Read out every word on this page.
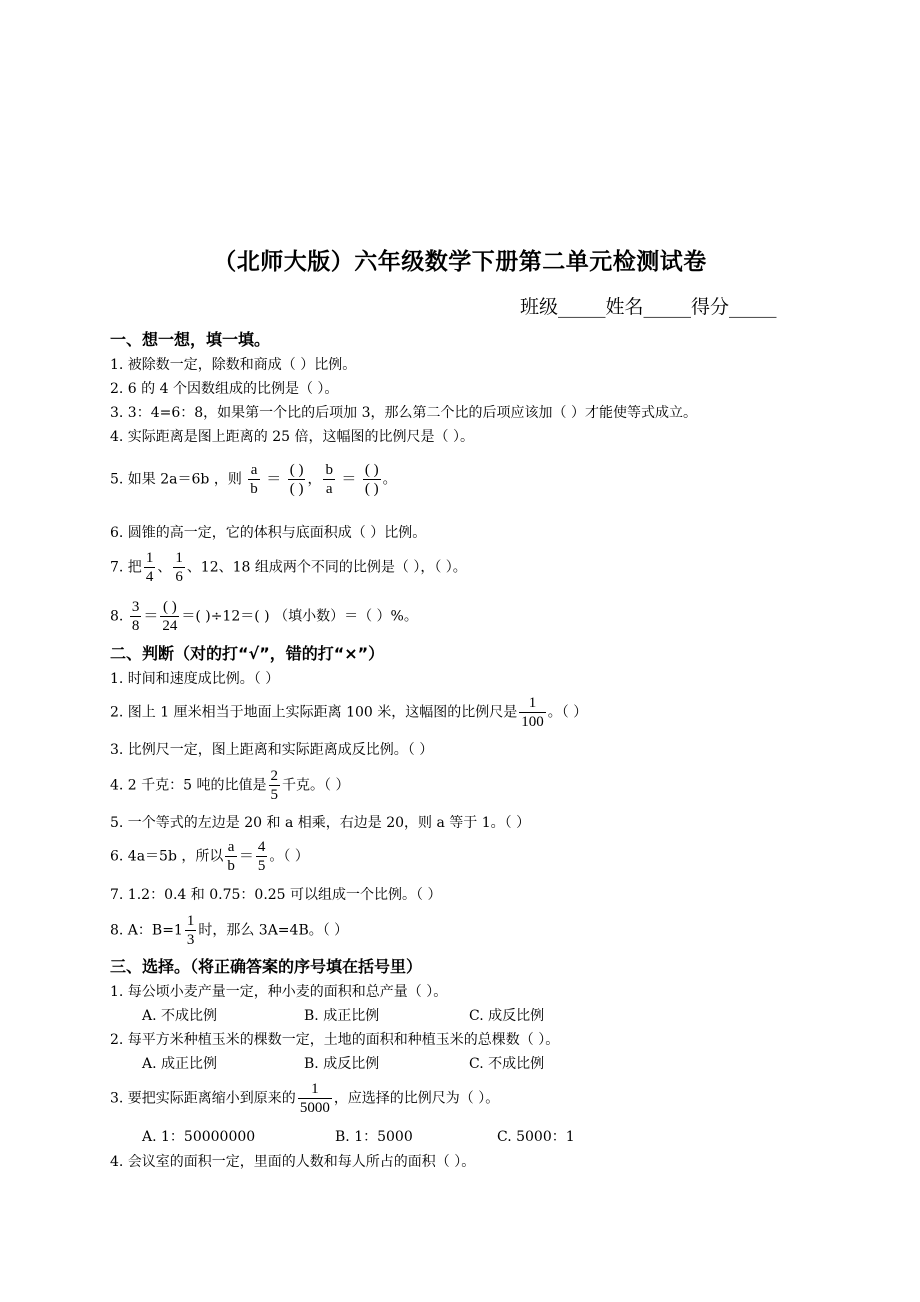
（北师大版）六年级数学下册第二单元检测试卷
班级_____姓名_____得分_____
一、想一想，填一填。
1. 被除数一定，除数和商成（ ）比例。
2. 6 的 4 个因数组成的比例是（ ）。
3. 3：4=6：8，如果第一个比的后项加 3，那么第二个比的后项应该加（ ）才能使等式成立。
4. 实际距离是图上距离的 25 倍，这幅图的比例尺是（ ）。
5. 如果 2a＝6b ，则 $\frac{a}{b} = \frac{( )}{( )}$ ， $\frac{b}{a} = \frac{( )}{( )}$ 。
6. 圆锥的高一定，它的体积与底面积成（ ）比例。
7. 把 $\frac{1}{4}$ 、 $\frac{1}{6}$ 、12、18 组成两个不同的比例是（ ），（ ）。
8. $\frac{3}{8} = \frac{( )}{24}$ ＝( )÷12＝( ) （填小数）＝（ ）%。
二、判断（对的打“√”，错的打“×”）
1. 时间和速度成比例。（ ）
2. 图上 1 厘米相当于地面上实际距离 100 米，这幅图的比例尺是 $\frac{1}{100}$ 。（ ）
3. 比例尺一定，图上距离和实际距离成反比例。（ ）
4. 2 千克：5 吨的比值是 $\frac{2}{5}$ 千克。（ ）
5. 一个等式的左边是 20 和 a 相乘，右边是 20，则 a 等于 1。（ ）
6. 4a＝5b ，所以 $\frac{a}{b} = \frac{4}{5}$ 。（ ）
7. 1.2：0.4 和 0.75：0.25 可以组成一个比例。（ ）
8. A：$B=1 \frac{1}{3}$ 时，那么 3A=4B。（ ）
三、选择。（将正确答案的序号填在括号里）
1. 每公顷小麦产量一定，种小麦的面积和总产量（ ）。
A. 不成比例	B. 成正比例	C. 成反比例
2. 每平方米种植玉米的棵数一定，土地的面积和种植玉米的总棵数（ ）。
A. 成正比例	B. 成反比例	C. 不成比例
3. 要把实际距离缩小到原来的 $\frac{1}{5000}$ ，应选择的比例尺为（ ）。
A. 1：50000000	B. 1：5000	C. 5000：1
4. 会议室的面积一定，里面的人数和每人所占的面积（ ）。
